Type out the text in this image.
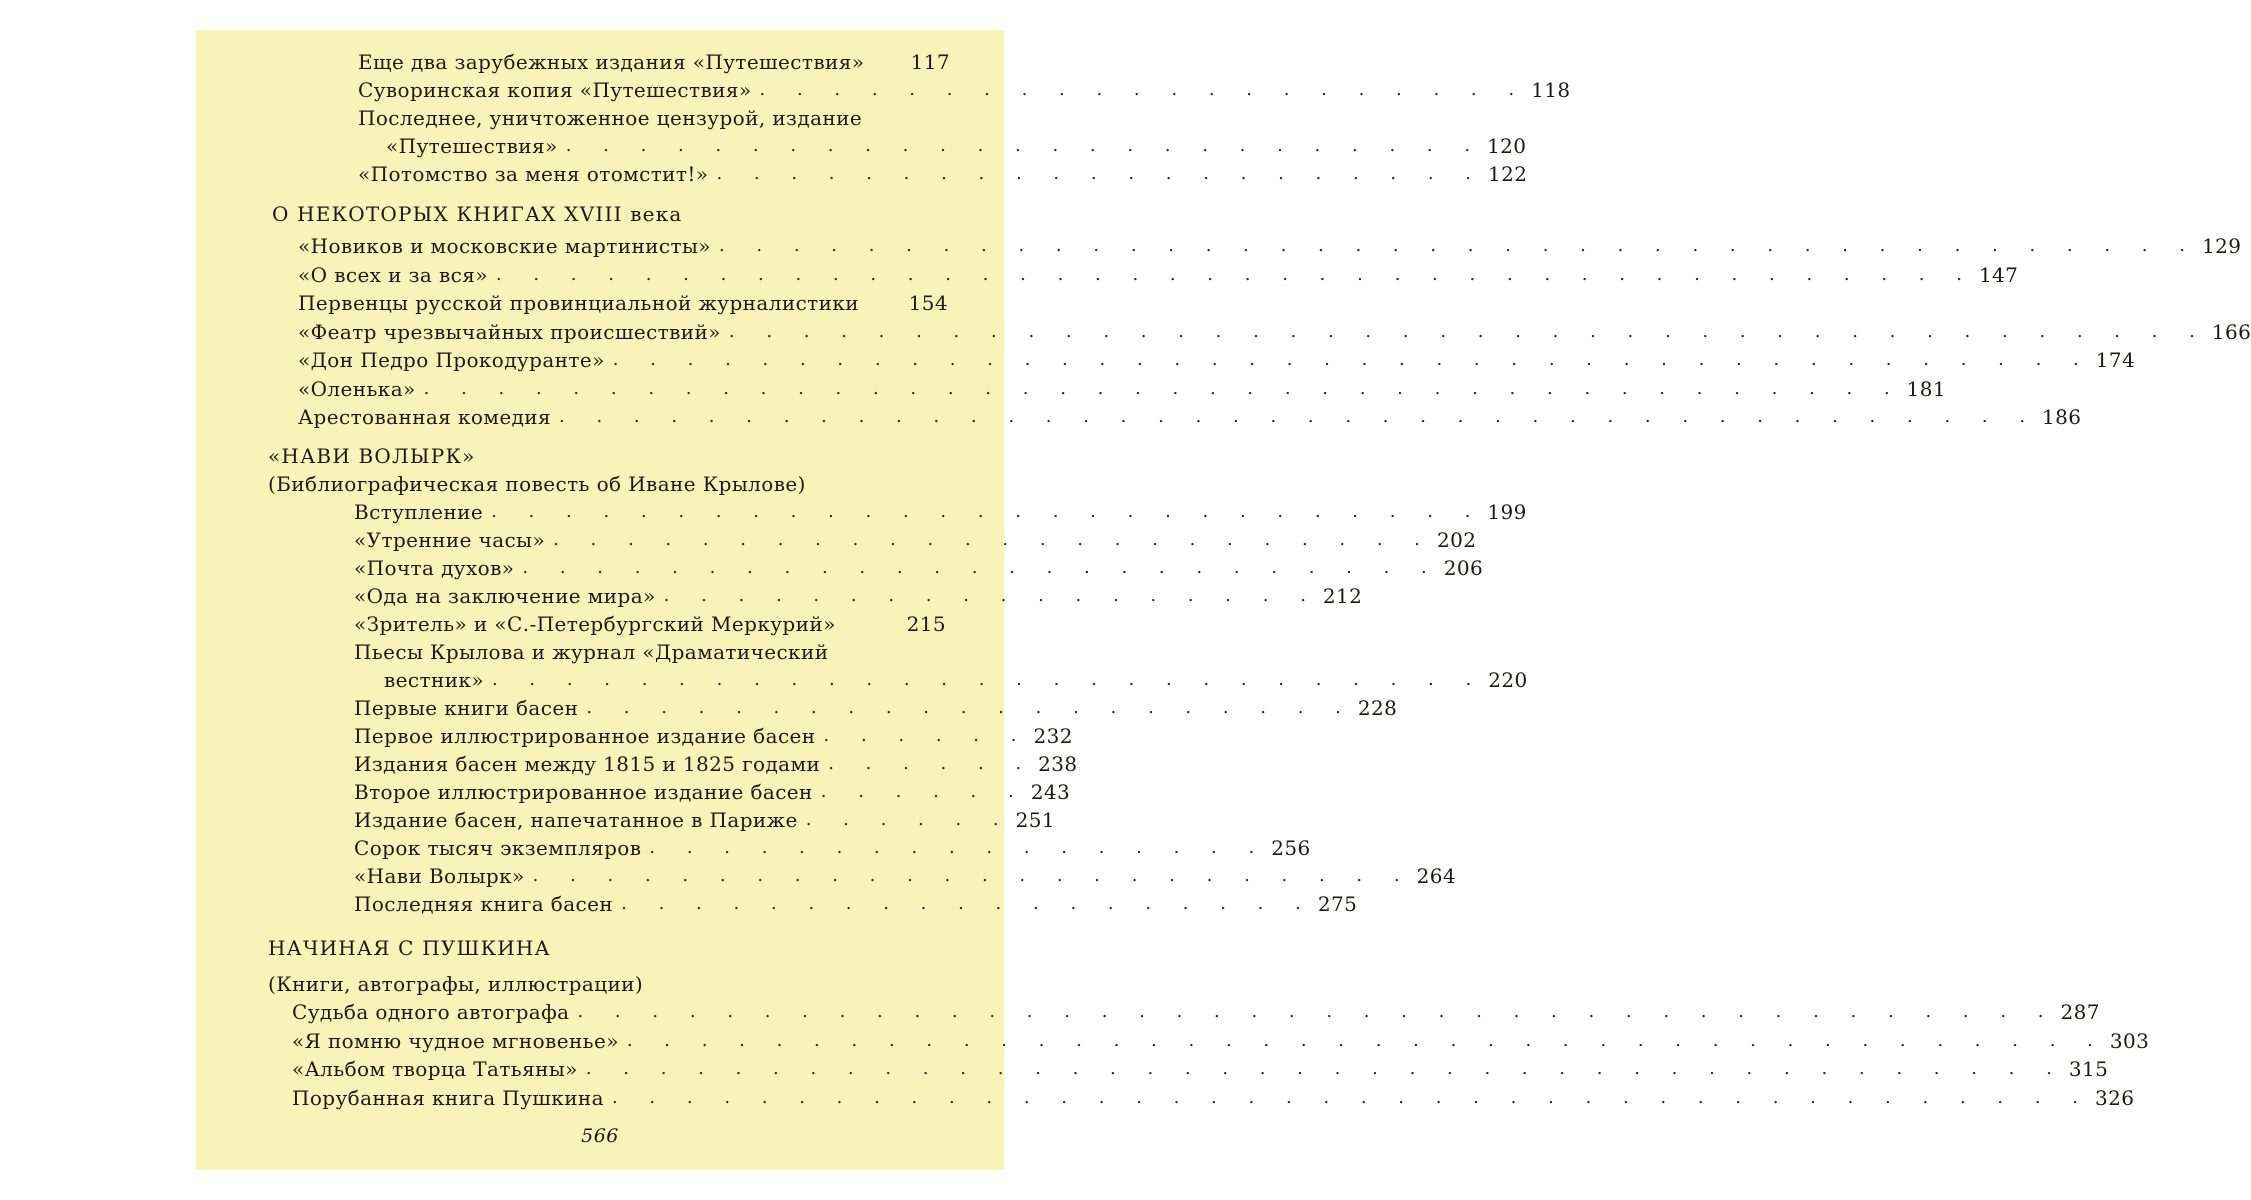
Еще два зарубежных издания «Путешествия» 117
Суворинская копия «Путешествия» . . . . . . . . . . . . . . . . . . . . . 118
Последнее, уничтоженное цензурой, издание
«Путешествия» . . . . . . . . . . . . . . . . . . . . . . . . . 120
«Потомство за меня отомстит!» . . . . . . . . . . . . . . . . . . . . . 122
О НЕКОТОРЫХ КНИГАХ XVIII века
«Новиков и московские мартинисты» . . . . . . . . . . . . . . . . . . . . . . . . . . . . . . . . . . . . . . . . 129
«О всех и за вся» . . . . . . . . . . . . . . . . . . . . . . . . . . . . . . . . . . . . . . . . 147
Первенцы русской провинциальной журналистики 154
«Феатр чрезвычайных происшествий» . . . . . . . . . . . . . . . . . . . . . . . . . . . . . . . . . . . . . . . . 166
«Дон Педро Прокодуранте» . . . . . . . . . . . . . . . . . . . . . . . . . . . . . . . . . . . . . . . . 174
«Оленька» . . . . . . . . . . . . . . . . . . . . . . . . . . . . . . . . . . . . . . . . 181
Арестованная комедия . . . . . . . . . . . . . . . . . . . . . . . . . . . . . . . . . . . . . . . . 186
«НАВИ ВОЛЫРК»
(Библиографическая повесть об Иване Крылове)
Вступление . . . . . . . . . . . . . . . . . . . . . . . . . . . 199
«Утренние часы» . . . . . . . . . . . . . . . . . . . . . . . . 202
«Почта духов» . . . . . . . . . . . . . . . . . . . . . . . . . 206
«Ода на заключение мира» . . . . . . . . . . . . . . . . . . 212
«Зритель» и «С.-Петербургский Меркурий»	215
Пьесы Крылова и журнал «Драматический
вестник» . . . . . . . . . . . . . . . . . . . . . . . . . . . 220
Первые книги басен . . . . . . . . . . . . . . . . . . . . . 228
Первое иллюстрированное издание басен . . . . . . 232
Издания басен между 1815 и 1825 годами . . . . . . 238
Второе иллюстрированное издание басен . . . . . . 243
Издание басен, напечатанное в Париже . . . . . . 251
Сорок тысяч экземпляров . . . . . . . . . . . . . . . . . 256
«Нави Волырк» . . . . . . . . . . . . . . . . . . . . . . . . 264
Последняя книга басен . . . . . . . . . . . . . . . . . . . 275
НАЧИНАЯ С ПУШКИНА
(Книги, автографы, иллюстрации)
Судьба одного автографа . . . . . . . . . . . . . . . . . . . . . . . . . . . . . . . . . . . . . . . . 287
«Я помню чудное мгновенье» . . . . . . . . . . . . . . . . . . . . . . . . . . . . . . . . . . . . . . . . 303
«Альбом творца Татьяны» . . . . . . . . . . . . . . . . . . . . . . . . . . . . . . . . . . . . . . . . 315
Порубанная книга Пушкина . . . . . . . . . . . . . . . . . . . . . . . . . . . . . . . . . . . . . . . . 326
566
